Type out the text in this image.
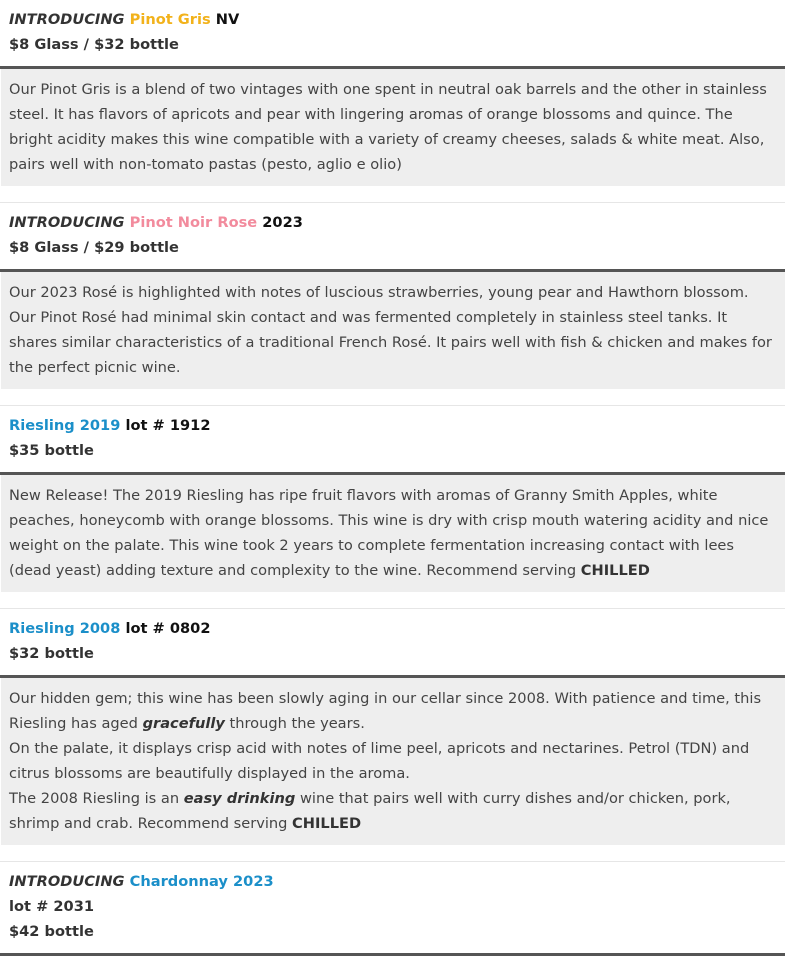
INTRODUCING Pinot Gris NV
$8 Glass / $32 bottle

Our Pinot Gris is a blend of two vintages with one spent in neutral oak barrels and the other in stainless steel. It has flavors of apricots and pear with lingering aromas of orange blossoms and quince. The bright acidity makes this wine compatible with a variety of creamy cheeses, salads & white meat. Also, pairs well with non-tomato pastas (pesto, aglio e olio)

INTRODUCING Pinot Noir Rose 2023
$8 Glass / $29 bottle

Our 2023 Rosé is highlighted with notes of luscious strawberries, young pear and Hawthorn blossom.

Our Pinot Rosé had minimal skin contact and was fermented completely in stainless steel tanks. It shares similar characteristics of a traditional French Rosé. It pairs well with fish & chicken and makes for the perfect picnic wine.

Riesling 2019 lot # 1912
$35 bottle

New Release! The 2019 Riesling has ripe fruit flavors with aromas of Granny Smith Apples, white peaches, honeycomb with orange blossoms. This wine is dry with crisp mouth watering acidity and nice weight on the palate. This wine took 2 years to complete fermentation increasing contact with lees (dead yeast) adding texture and complexity to the wine. Recommend serving CHILLED

Riesling 2008 lot # 0802
$32 bottle

Our hidden gem; this wine has been slowly aging in our cellar since 2008. With patience and time, this Riesling has aged gracefully through the years.

On the palate, it displays crisp acid with notes of lime peel, apricots and nectarines. Petrol (TDN) and citrus blossoms are beautifully displayed in the aroma.

The 2008 Riesling is an easy drinking wine that pairs well with curry dishes and/or chicken, pork, shrimp and crab. Recommend serving CHILLED

INTRODUCING Chardonnay 2023
lot # 2031
$42 bottle
